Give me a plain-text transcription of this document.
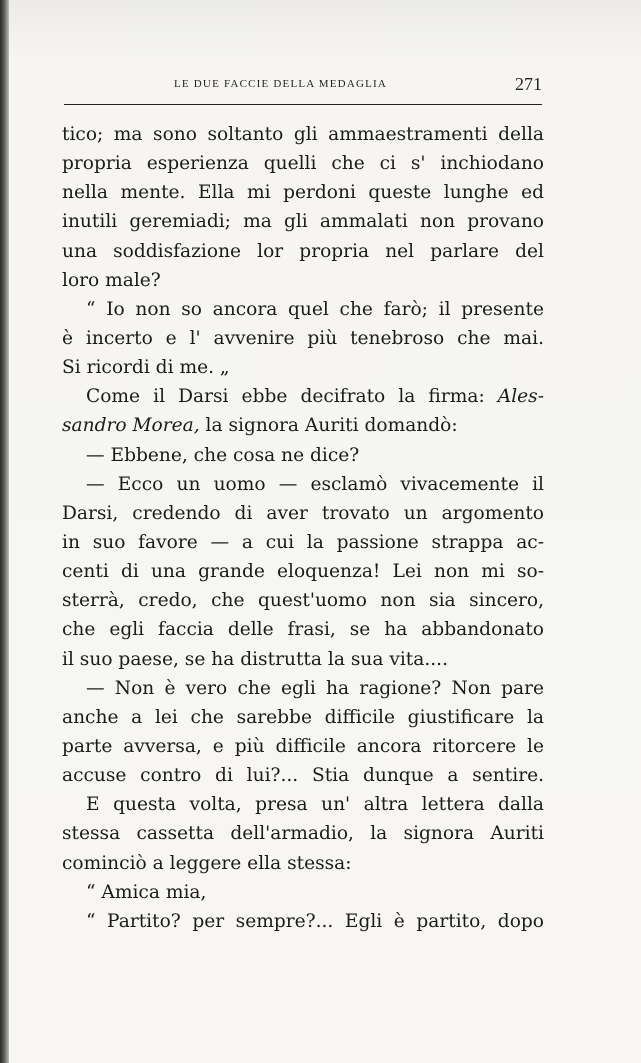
LE DUE FACCIE DELLA MEDAGLIA	271
tico; ma sono soltanto gli ammaestramenti della
propria esperienza quelli che ci s' inchiodano
nella mente. Ella mi perdoni queste lunghe ed
inutili geremiadi; ma gli ammalati non provano
una soddisfazione lor propria nel parlare del
loro male?
“ Io non so ancora quel che farò; il presente
è incerto e l' avvenire più tenebroso che mai.
Si ricordi di me. „
Come il Darsi ebbe decifrato la firma: Ales-
sandro Morea, la signora Auriti domandò:
— Ebbene, che cosa ne dice?
— Ecco un uomo — esclamò vivacemente il
Darsi, credendo di aver trovato un argomento
in suo favore — a cui la passione strappa ac-
centi di una grande eloquenza! Lei non mi so-
sterrà, credo, che quest'uomo non sia sincero,
che egli faccia delle frasi, se ha abbandonato
il suo paese, se ha distrutta la sua vita....
— Non è vero che egli ha ragione? Non pare
anche a lei che sarebbe difficile giustificare la
parte avversa, e più difficile ancora ritorcere le
accuse contro di lui?... Stia dunque a sentire.
E questa volta, presa un' altra lettera dalla
stessa cassetta dell'armadio, la signora Auriti
cominciò a leggere ella stessa:
“ Amica mia,
“ Partito? per sempre?... Egli è partito, dopo
